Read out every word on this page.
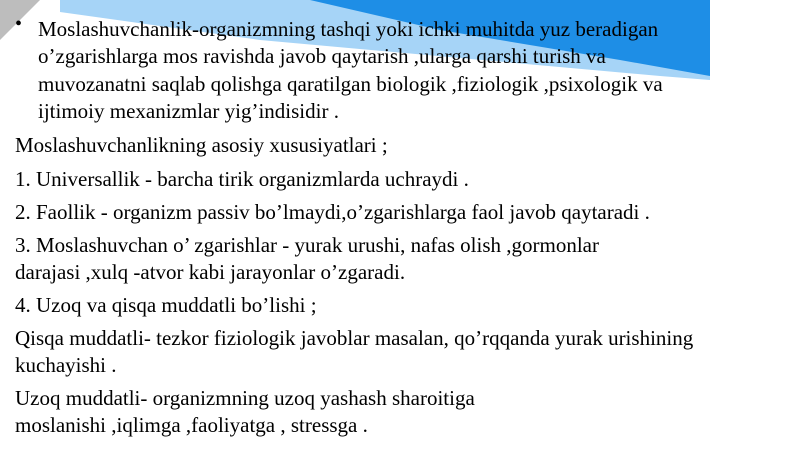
• Moslashuvchanlik-organizmning tashqi yoki ichki muhitda yuz beradigan
o’zgarishlarga mos ravishda javob qaytarish ,ularga qarshi turish va
muvozanatni saqlab qolishga qaratilgan biologik ,fiziologik ,psixologik va
ijtimoiy mexanizmlar yig’indisidir .
Moslashuvchanlikning asosiy xususiyatlari ;
1. Universallik - barcha tirik organizmlarda uchraydi .
2. Faollik - organizm passiv bo’lmaydi,o’zgarishlarga faol javob qaytaradi .
3. Moslashuvchan o’ zgarishlar - yurak urushi, nafas olish ,gormonlar
darajasi ,xulq -atvor kabi jarayonlar o’zgaradi.
4. Uzoq va qisqa muddatli bo’lishi ;
Qisqa muddatli- tezkor fiziologik javoblar masalan, qo’rqqanda yurak urishining
kuchayishi .
Uzoq muddatli- organizmning uzoq yashash sharoitiga
moslanishi ,iqlimga ,faoliyatga , stressga .
